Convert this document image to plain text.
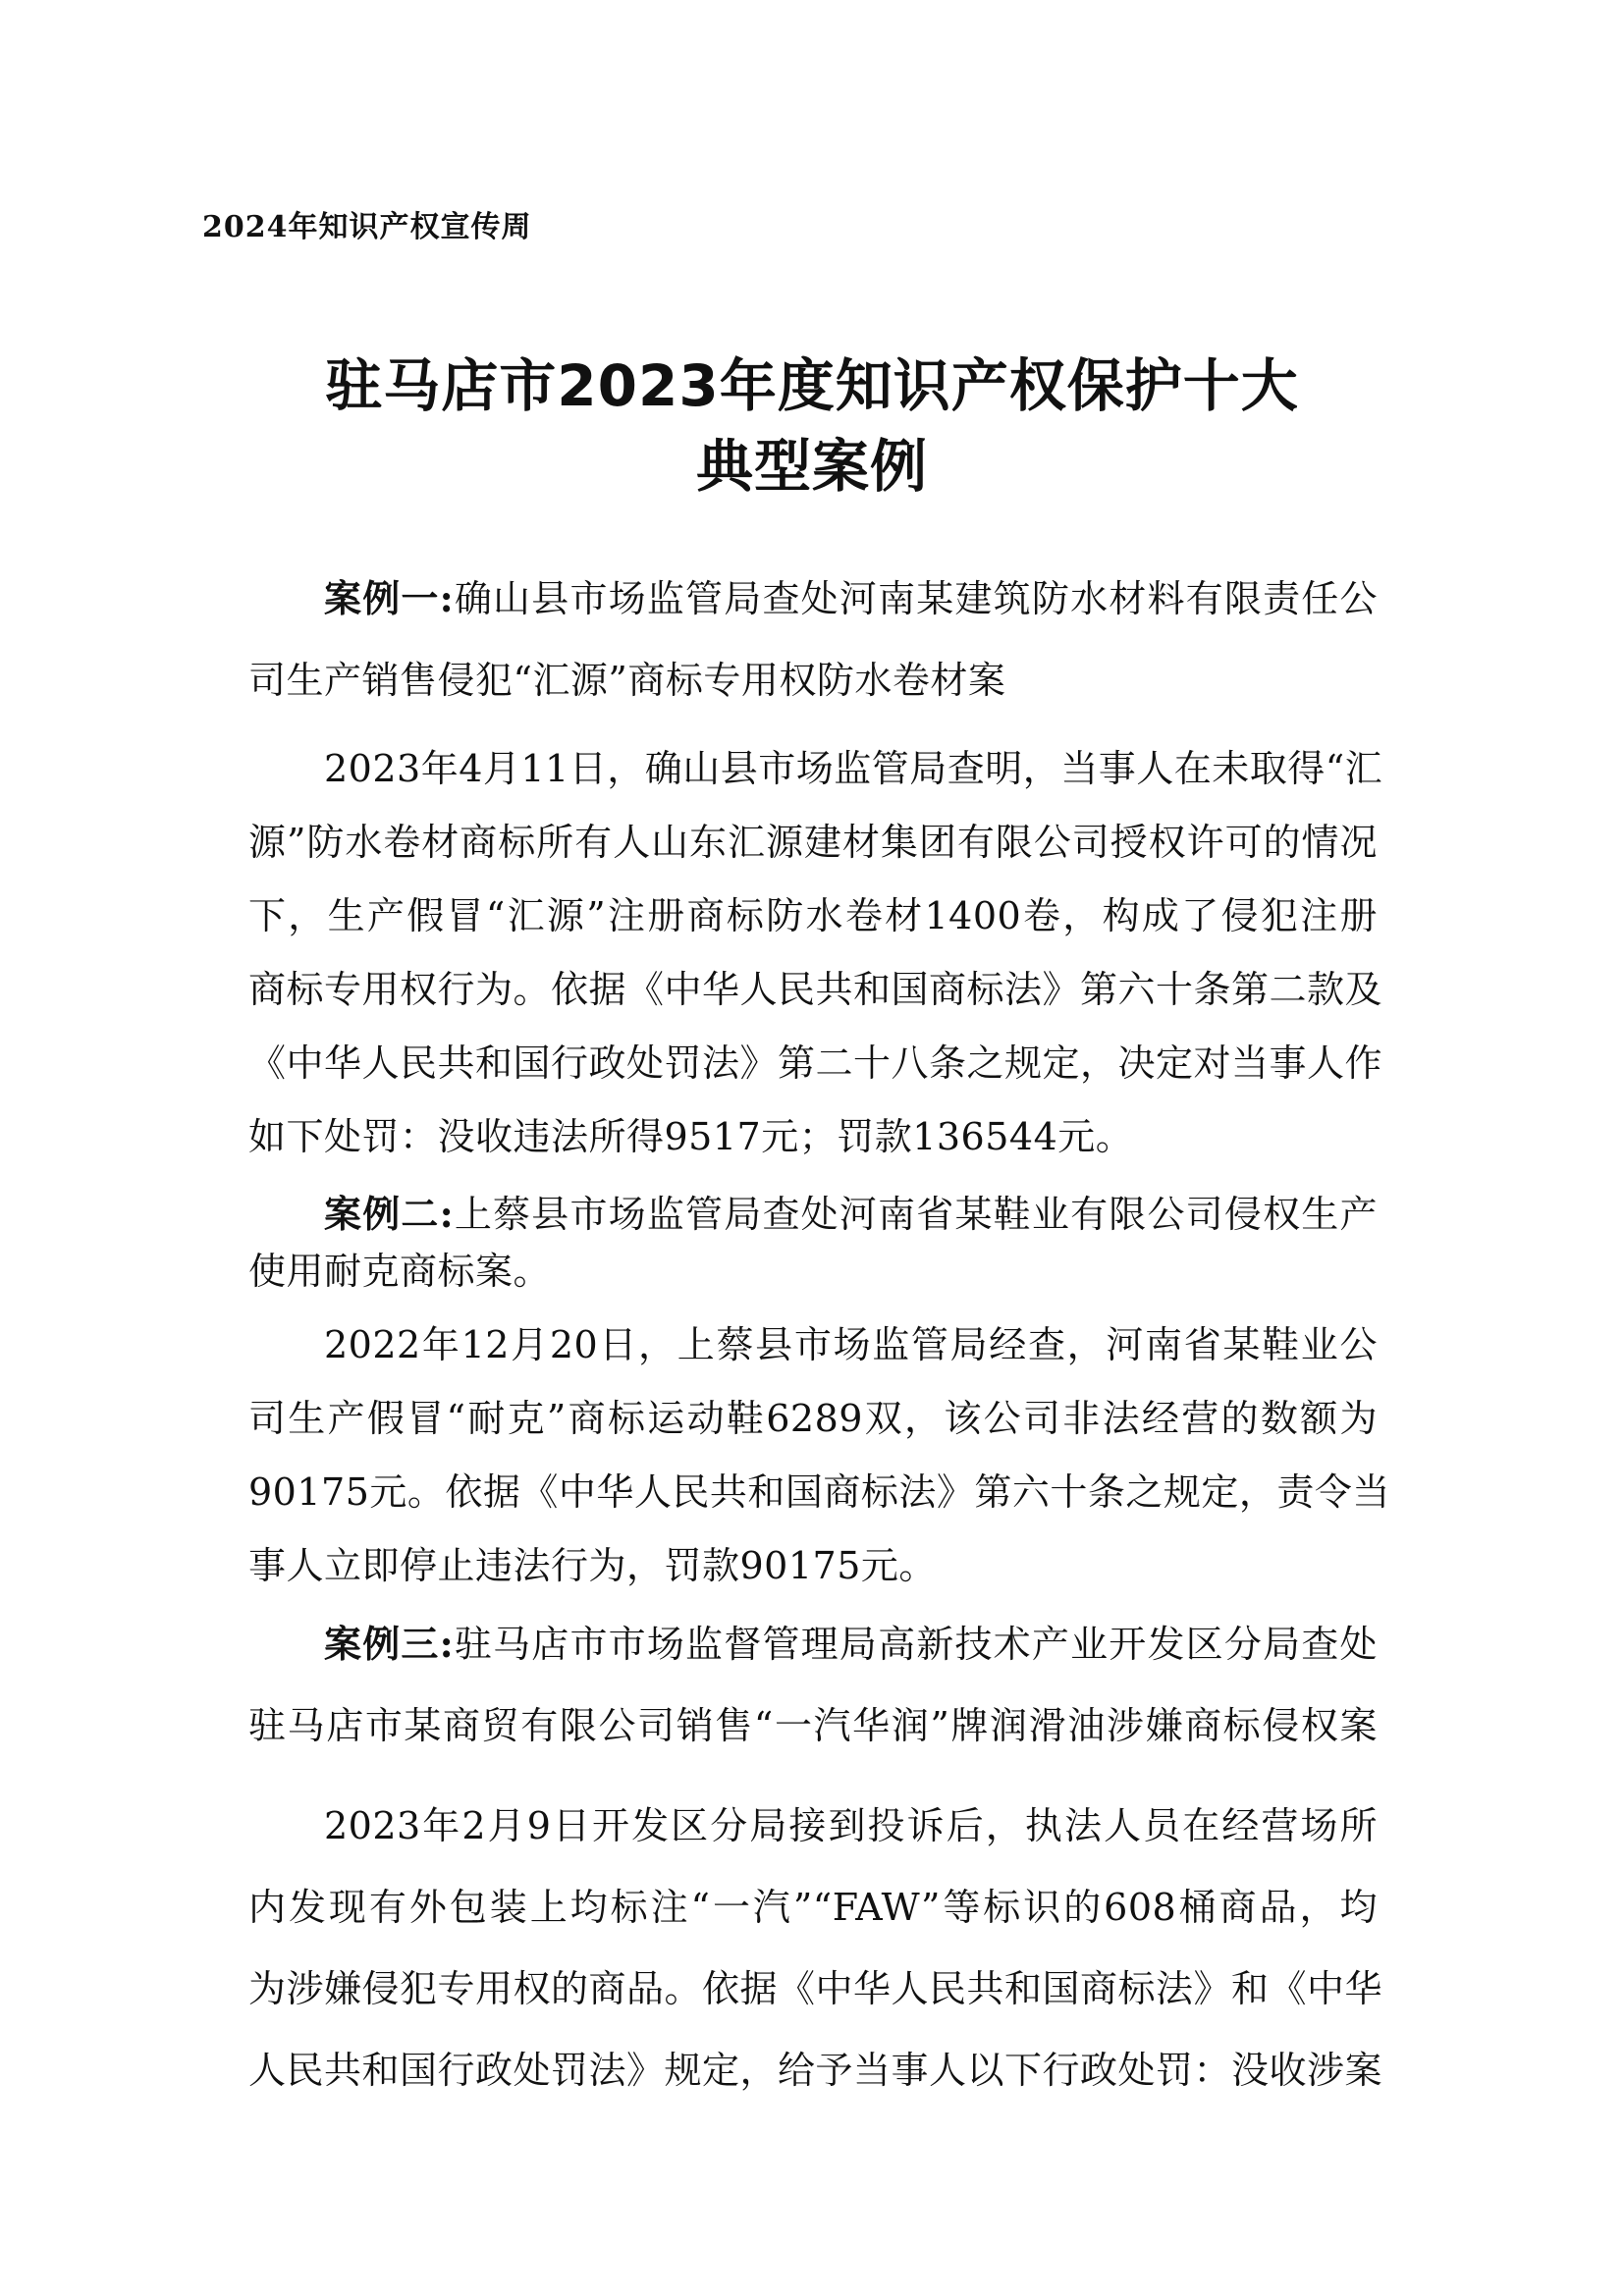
2024年知识产权宣传周
驻马店市2023年度知识产权保护十大
典型案例
案例一:确山县市场监管局查处河南某建筑防水材料有限责任公
司生产销售侵犯“汇源”商标专用权防水卷材案
2023年4月11日，确山县市场监管局查明，当事人在未取得“汇
源”防水卷材商标所有人山东汇源建材集团有限公司授权许可的情况
下，生产假冒“汇源”注册商标防水卷材1400卷，构成了侵犯注册
商标专用权行为。依据《中华人民共和国商标法》第六十条第二款及
《中华人民共和国行政处罚法》第二十八条之规定，决定对当事人作
如下处罚：没收违法所得9517元；罚款136544元。
案例二:上蔡县市场监管局查处河南省某鞋业有限公司侵权生产
使用耐克商标案。
2022年12月20日，上蔡县市场监管局经查，河南省某鞋业公
司生产假冒“耐克”商标运动鞋6289双，该公司非法经营的数额为
90175元。依据《中华人民共和国商标法》第六十条之规定，责令当
事人立即停止违法行为，罚款90175元。
案例三:驻马店市市场监督管理局高新技术产业开发区分局查处
驻马店市某商贸有限公司销售“一汽华润”牌润滑油涉嫌商标侵权案
2023年2月9日开发区分局接到投诉后，执法人员在经营场所
内发现有外包装上均标注“一汽”“FAW”等标识的608桶商品，均
为涉嫌侵犯专用权的商品。依据《中华人民共和国商标法》和《中华
人民共和国行政处罚法》规定，给予当事人以下行政处罚：没收涉案
